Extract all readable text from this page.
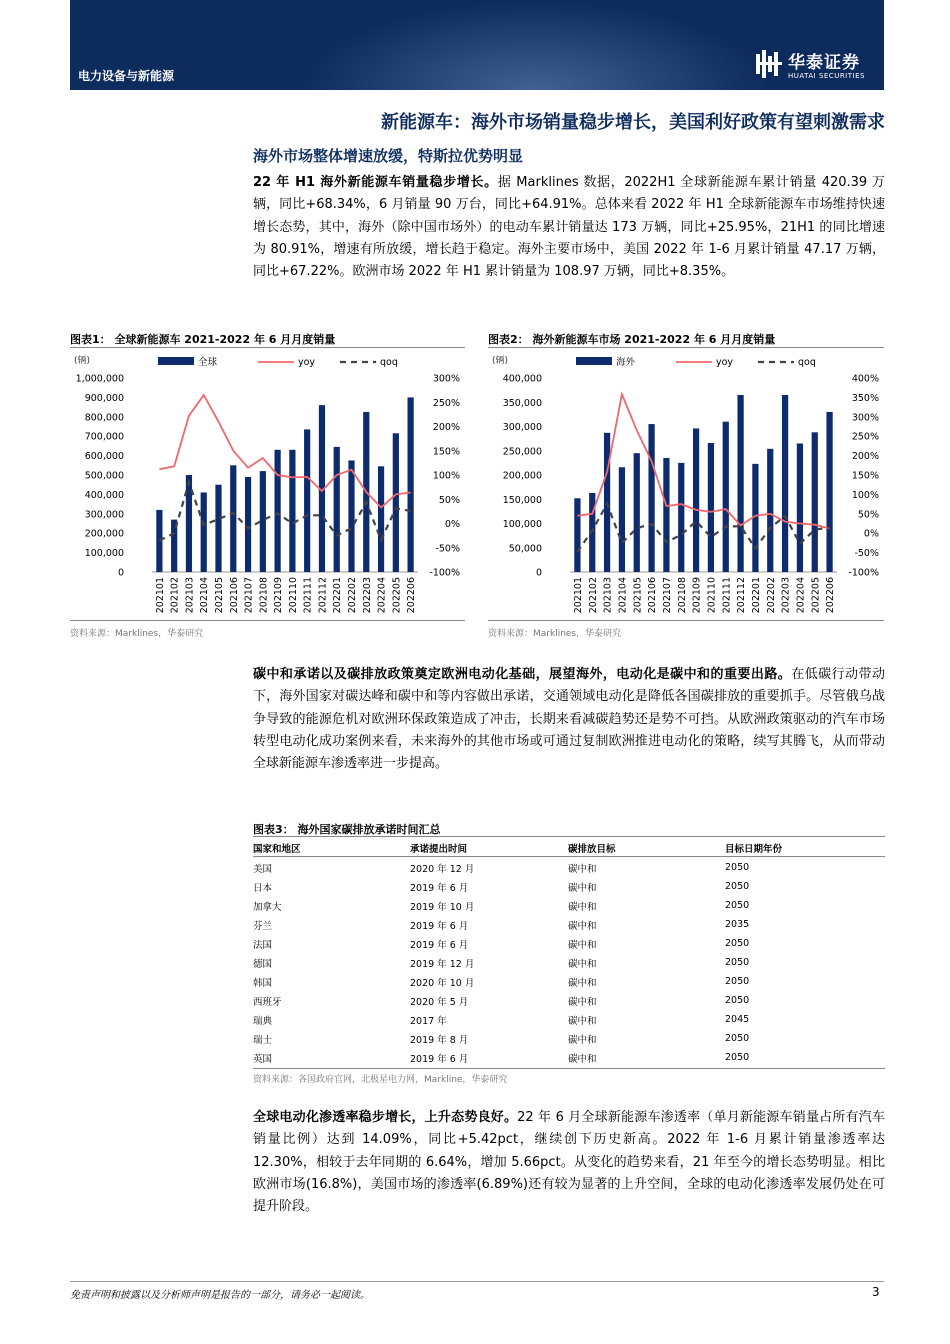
电力设备与新能源
华泰证券
HUATAI SECURITIES
新能源车：海外市场销量稳步增长，美国利好政策有望刺激需求
海外市场整体增速放缓，特斯拉优势明显

22 年 H1 海外新能源车销量稳步增长。据 Marklines 数据，2022H1 全球新能源车累计销量 420.39 万辆，同比+68.34%，6 月销量 90 万台，同比+64.91%。总体来看 2022 年 H1 全球新能源车市场维持快速增长态势，其中，海外（除中国市场外）的电动车累计销量达 173 万辆，同比+25.95%，21H1 的同比增速为 80.91%，增速有所放缓，增长趋于稳定。海外主要市场中，美国 2022 年 1-6 月累计销量 47.17 万辆，同比+67.22%。欧洲市场 2022 年 H1 累计销量为 108.97 万辆，同比+8.35%。

图表1： 全球新能源车 2021-2022 年 6 月月度销量
(辆)
0
100,000
200,000
300,000
400,000
500,000
600,000
700,000
800,000
900,000
1,000,000
-100%
-50%
0%
50%
100%
150%
200%
250%
300%
202101 202102 202103 202104 202105 202106 202107 202108 202109 202110 202111 202112 202201 202202 202203 202204 202205 202206
全球	yoy	qoq
资料来源：Marklines，华泰研究
图表2： 海外新能源车市场 2021-2022 年 6 月月度销量
(辆)
0
50,000
100,000
150,000
200,000
250,000
300,000
350,000
400,000
-100%
-50%
0%
50%
100%
150%
200%
250%
300%
350%
400%
202101 202102 202103 202104 202105 202106 202107 202108 202109 202110 202111 202112 202201 202202 202203 202204 202205 202206
海外	yoy	qoq
资料来源：Marklines，华泰研究

碳中和承诺以及碳排放政策奠定欧洲电动化基础，展望海外，电动化是碳中和的重要出路。在低碳行动带动下，海外国家对碳达峰和碳中和等内容做出承诺，交通领域电动化是降低各国碳排放的重要抓手。尽管俄乌战争导致的能源危机对欧洲环保政策造成了冲击，长期来看减碳趋势还是势不可挡。从欧洲政策驱动的汽车市场转型电动化成功案例来看，未来海外的其他市场或可通过复制欧洲推进电动化的策略，续写其腾飞，从而带动全球新能源车渗透率进一步提高。

图表3： 海外国家碳排放承诺时间汇总
国家和地区	承诺提出时间	碳排放目标	目标日期年份
美国	2020 年 12 月	碳中和	2050
日本	2019 年 6 月	碳中和	2050
加拿大	2019 年 10 月	碳中和	2050
芬兰	2019 年 6 月	碳中和	2035
法国	2019 年 6 月	碳中和	2050
德国	2019 年 12 月	碳中和	2050
韩国	2020 年 10 月	碳中和	2050
西班牙	2020 年 5 月	碳中和	2050
瑞典	2017 年	碳中和	2045
瑞士	2019 年 8 月	碳中和	2050
英国	2019 年 6 月	碳中和	2050
资料来源：各国政府官网，北极星电力网，Markline，华泰研究

全球电动化渗透率稳步增长，上升态势良好。22 年 6 月全球新能源车渗透率（单月新能源车销量占所有汽车销量比例）达到 14.09%，同比+5.42pct，继续创下历史新高。2022 年 1-6 月累计销量渗透率达 12.30%，相较于去年同期的 6.64%，增加 5.66pct。从变化的趋势来看，21 年至今的增长态势明显。相比欧洲市场(16.8%)，美国市场的渗透率(6.89%)还有较为显著的上升空间，全球的电动化渗透率发展仍处在可提升阶段。

免责声明和披露以及分析师声明是报告的一部分，请务必一起阅读。	3
